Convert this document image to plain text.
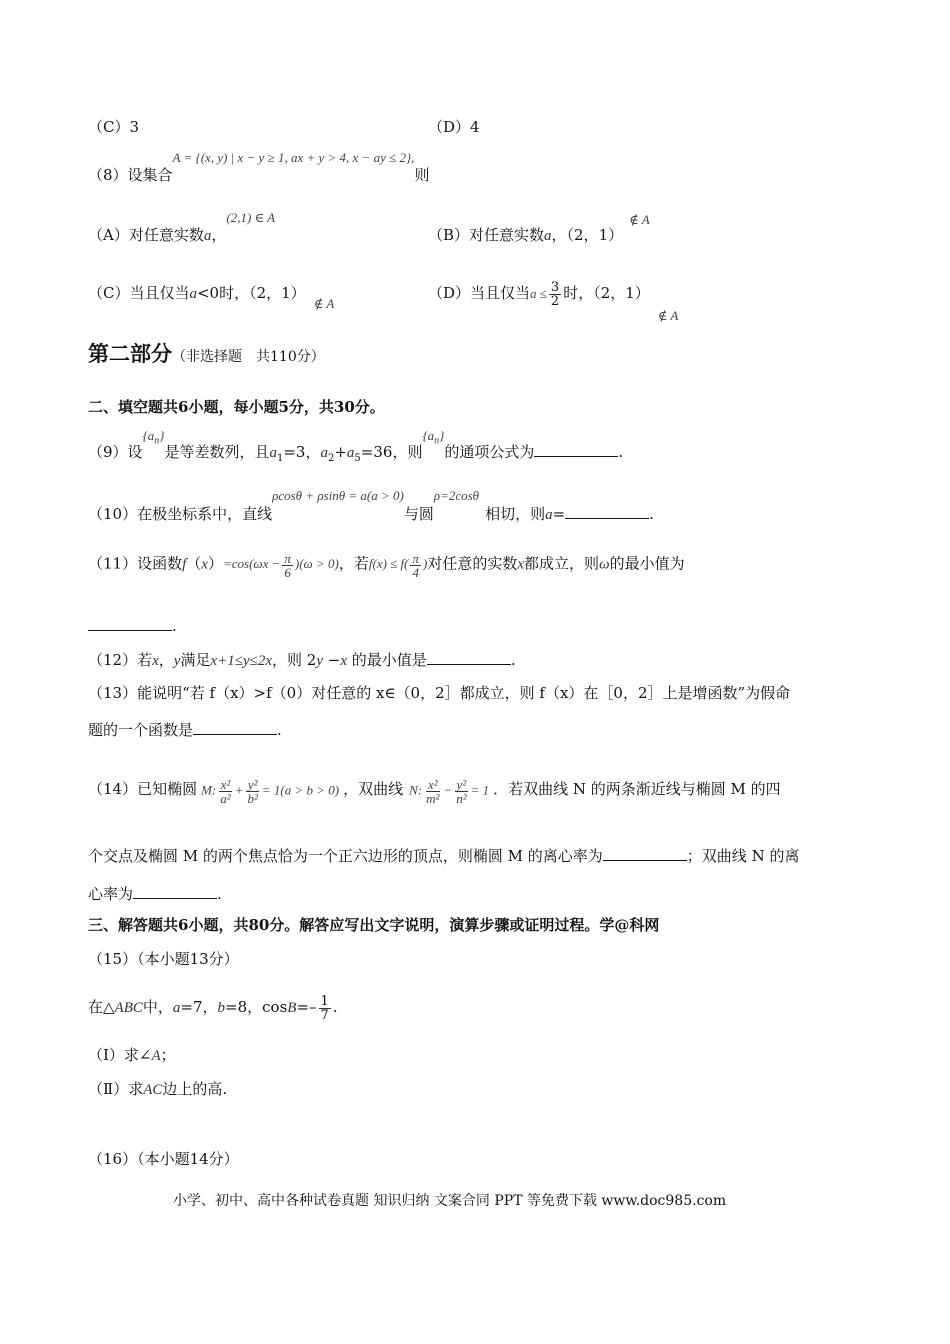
（C）3	（D）4
（8）设集合A = {(x, y) | x − y ≥ 1, ax + y > 4, x − ay ≤ 2},则
（A）对任意实数a，(2,1) ∈ A
（B）对任意实数a，（2，1）∉ A
（C）当且仅当a<0时，（2，1）∉ A
（D）当且仅当$a \le \frac{3}{2}$ 时，（2，1）∉ A
第二部分（非选择题　共110分）
二、填空题共6小题，每小题5分，共30分。
（9）设$\{a_n\}$是等差数列，且$a_1=3$，$a_2+a_5=36$，则$\{a_n\}$的通项公式为	.
（10）在极坐标系中，直线ρcosθ + ρsinθ = a(a > 0)与圆ρ=2cosθ相切，则a=	.
（11）设函数$f(x)=\cos(\omega x - \frac{\pi}{6} )(\omega > 0)$，若$f(x) \le f( \frac{\pi}{4}$ )对任意的实数x都成立，则ω的最小值为
.
（12）若x，y满足x+1≤y≤2x，则 2y −x 的最小值是	.
（13）能说明“若 f（x）>f（0）对任意的 x∈（0，2］都成立，则 f（x）在［0，2］上是增函数”为假命
题的一个函数是	.
（14）已知椭圆 M: $\frac{\text{x²}}{\text{a²}} + \frac{\text{y²}}{\text{b²}} = 1(a > b > 0)$ ，双曲线 N: $\frac{\text{x²}}{\text{m²}} - \frac{\text{y²}}{\text{n²}} = 1$ ．若双曲线 N 的两条渐近线与椭圆 M 的四
个交点及椭圆 M 的两个焦点恰为一个正六边形的顶点，则椭圆 M 的离心率为	；双曲线 N 的离
心率为	.
三、解答题共6小题，共80分。解答应写出文字说明，演算步骤或证明过程。学@科网
（15）（本小题13分）
在△ABC中，a=7，b=8，$\cos B=- \frac{1}{7}$ .
（Ⅰ）求∠A；
（Ⅱ）求AC边上的高.
（16）（本小题14分）
小学、初中、高中各种试卷真题 知识归纳 文案合同 PPT 等免费下载 www.doc985.com
